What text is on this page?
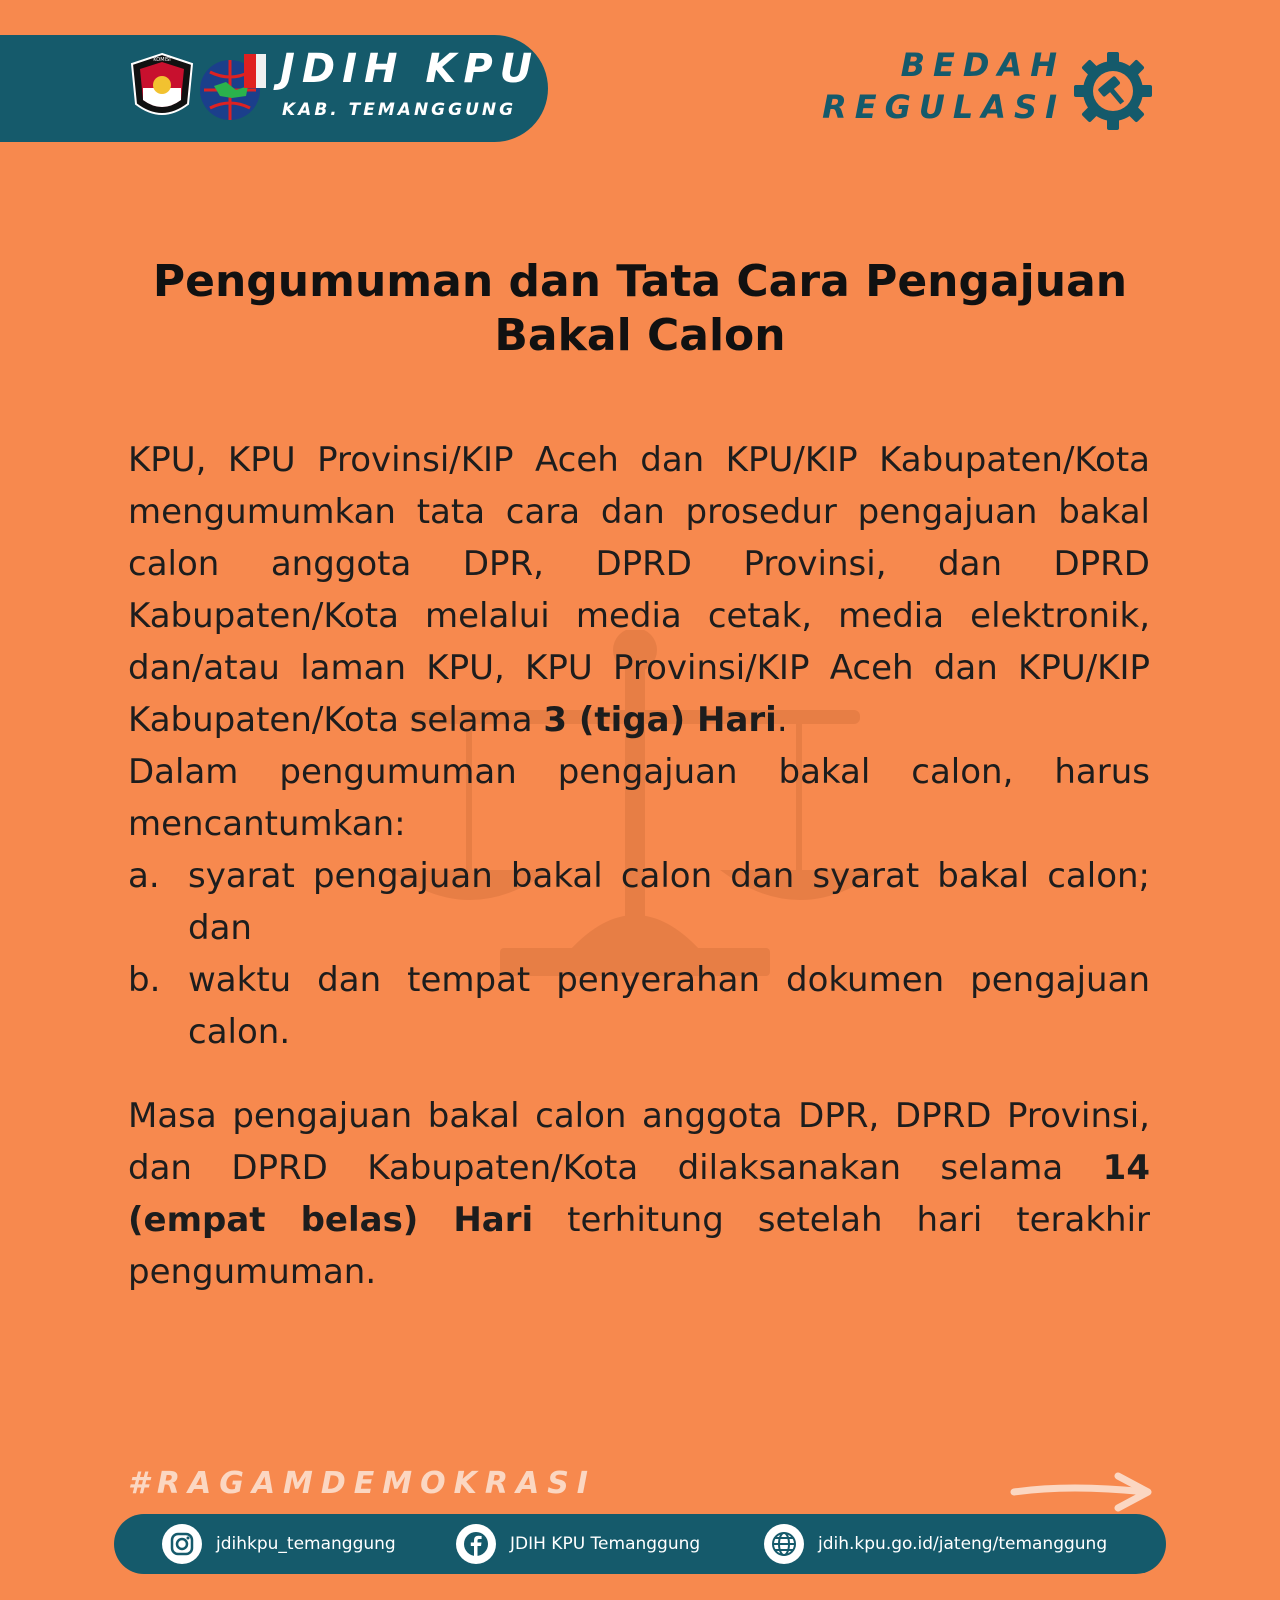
KOMISI	JDIH KPU
KAB. TEMANGGUNG
BEDAH
REGULASI
Pengumuman dan Tata Cara Pengajuan Bakal Calon

KPU, KPU Provinsi/KIP Aceh dan KPU/KIP Kabupaten/Kota mengumumkan tata cara dan prosedur pengajuan bakal calon anggota DPR, DPRD Provinsi, dan DPRD Kabupaten/Kota melalui media cetak, media elektronik, dan/atau laman KPU, KPU Provinsi/KIP Aceh dan KPU/KIP Kabupaten/Kota selama 3 (tiga) Hari.

Dalam pengumuman pengajuan bakal calon, harus mencantumkan:

a. syarat pengajuan bakal calon dan syarat bakal calon; dan
b. waktu dan tempat penyerahan dokumen pengajuan calon.

Masa pengajuan bakal calon anggota DPR, DPRD Provinsi, dan DPRD Kabupaten/Kota dilaksanakan selama 14 (empat belas) Hari terhitung setelah hari terakhir pengumuman.

#RAGAMDEMOKRASI
jdihkpu_temanggung	JDIH KPU Temanggung	jdih.kpu.go.id/jateng/temanggung
